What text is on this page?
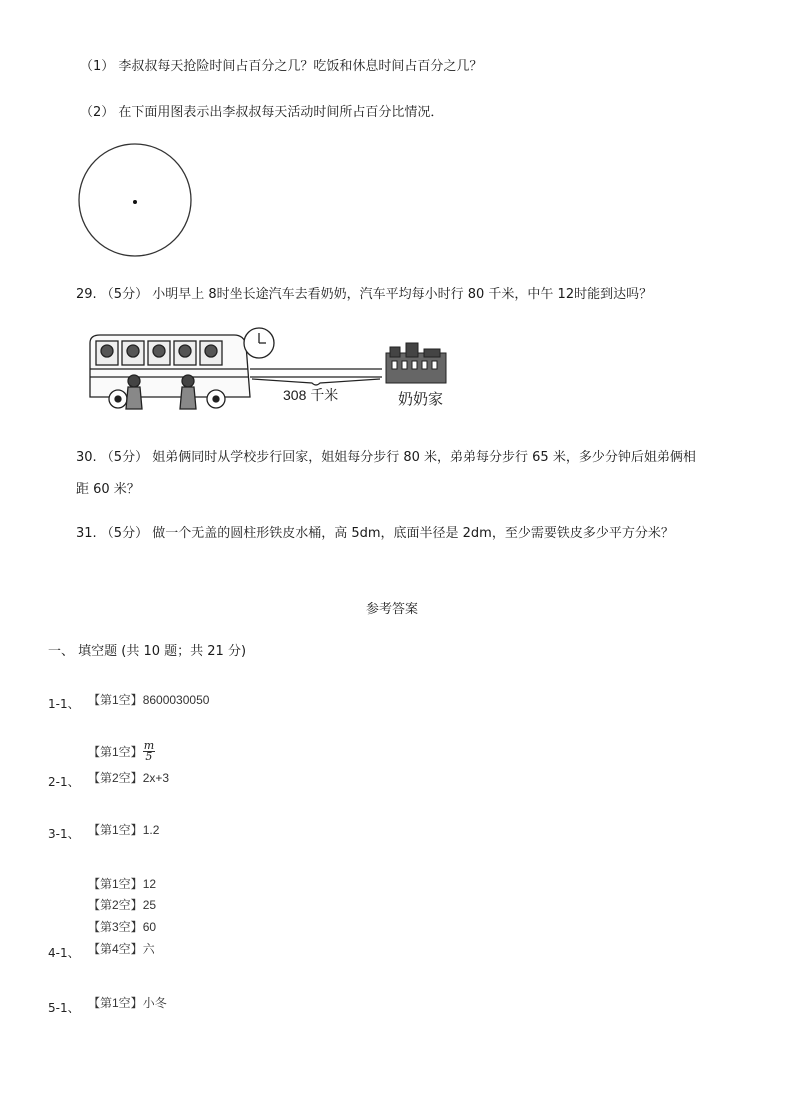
（1） 李叔叔每天抢险时间占百分之几？吃饭和休息时间占百分之几？
（2） 在下面用图表示出李叔叔每天活动时间所占百分比情况．
29. （5分） 小明早上 8时坐长途汽车去看奶奶，汽车平均每小时行 80 千米，中午 12时能到达吗？
308 千米	奶奶家
30. （5分） 姐弟俩同时从学校步行回家，姐姐每分步行 80 米，弟弟每分步行 65 米，多少分钟后姐弟俩相
距 60 米？
31. （5分） 做一个无盖的圆柱形铁皮水桶，高 5dm，底面半径是 2dm，至少需要铁皮多少平方分米？
参考答案
一、 填空题 (共 10 题；共 21 分)
1-1、 【第1空】8600030050
【第1空】 $\frac{m}{5}$
2-1、 【第2空】2x+3
3-1、 【第1空】1.2
【第1空】12
【第2空】25
【第3空】60
4-1、 【第4空】六
5-1、 【第1空】小冬
